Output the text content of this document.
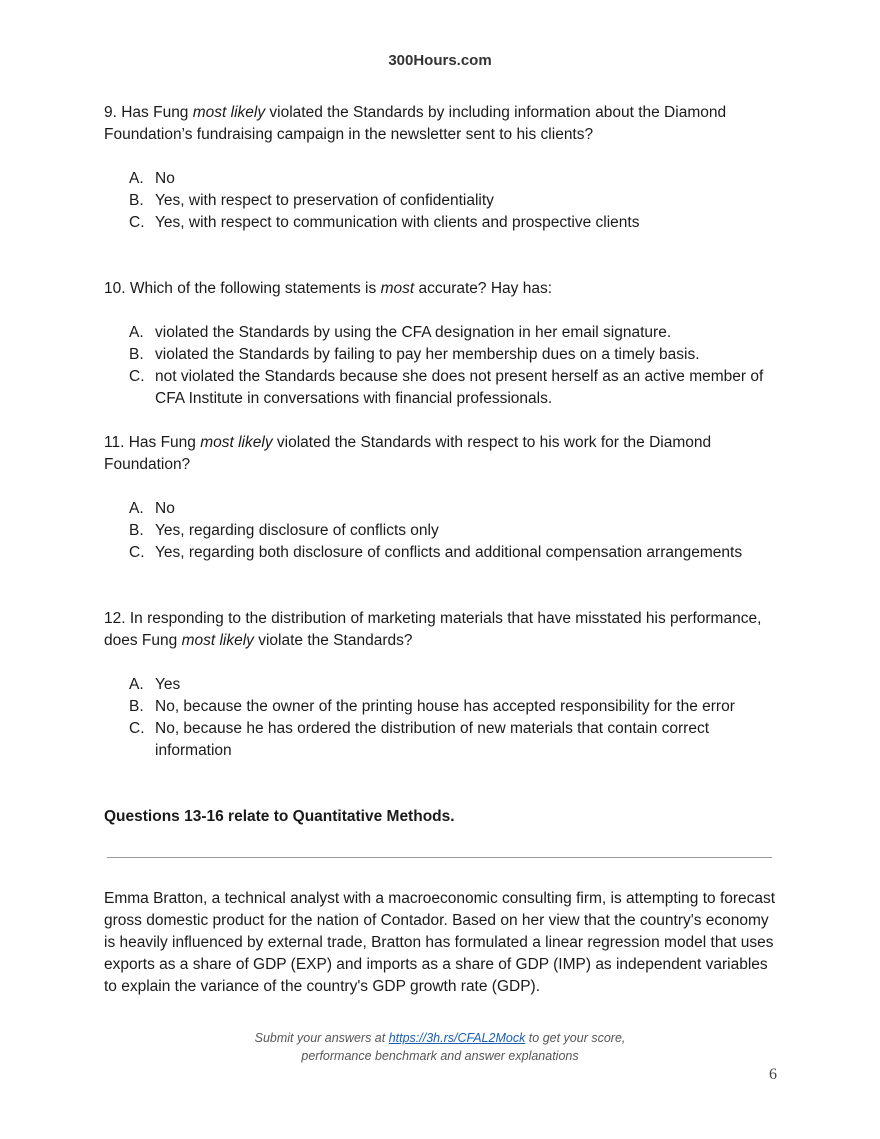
300Hours.com

9. Has Fung most likely violated the Standards by including information about the Diamond Foundation’s fundraising campaign in the newsletter sent to his clients?

A. No
B. Yes, with respect to preservation of confidentiality
C. Yes, with respect to communication with clients and prospective clients

10. Which of the following statements is most accurate? Hay has:

A. violated the Standards by using the CFA designation in her email signature.
B. violated the Standards by failing to pay her membership dues on a timely basis.
C. not violated the Standards because she does not present herself as an active member of CFA Institute in conversations with financial professionals.

11. Has Fung most likely violated the Standards with respect to his work for the Diamond Foundation?

A. No
B. Yes, regarding disclosure of conflicts only
C. Yes, regarding both disclosure of conflicts and additional compensation arrangements

12. In responding to the distribution of marketing materials that have misstated his performance, does Fung most likely violate the Standards?

A. Yes
B. No, because the owner of the printing house has accepted responsibility for the error
C. No, because he has ordered the distribution of new materials that contain correct information

Questions 13-16 relate to Quantitative Methods.

Emma Bratton, a technical analyst with a macroeconomic consulting firm, is attempting to forecast gross domestic product for the nation of Contador. Based on her view that the country's economy is heavily influenced by external trade, Bratton has formulated a linear regression model that uses exports as a share of GDP (EXP) and imports as a share of GDP (IMP) as independent variables to explain the variance of the country's GDP growth rate (GDP).

Submit your answers at https://3h.rs/CFAL2Mock to get your score,
performance benchmark and answer explanations
6
